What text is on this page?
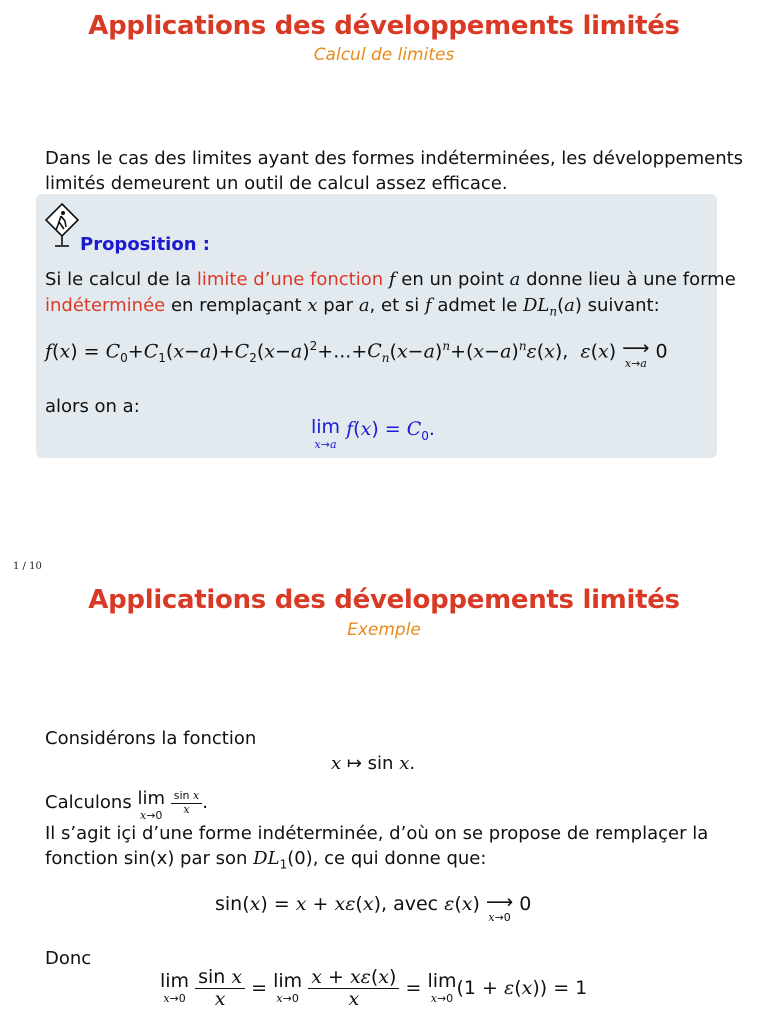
Applications des développements limités
Calcul de limites
Dans le cas des limites ayant des formes indéterminées, les développements
limités demeurent un outil de calcul assez efficace.
Proposition :
Si le calcul de la limite d’une fonction f en un point a donne lieu à une forme
indéterminée en remplaçant x par a, et si f admet le $DL_n(a)$ suivant:
$f(x) = C_0+C_1(x-a)+C_2(x-a)^2+...+C_n(x-a)^n+(x-a)^n\varepsilon(x)$,  ε(x) ⟶
x→a
0
alors on a:
lim
x→a
$f(x) = C_0$.
1 / 10
Applications des développements limités
Exemple
Considérons la fonction
x ↦ sin x.
Calculons lim
x→0
$\frac{\text{sin x}}{x}$ .
Il s’agit içi d’une forme indéterminée, d’où on se propose de remplaçer la
fonction sin(x) par son $DL_1(0)$, ce qui donne que:
sin(x) = x + xε(x), avec ε(x) ⟶
x→0
0
Donc
lim
x→0
$\frac{\text{sin x}}{x} = \lim$
x→0
$\frac{x + x\varepsilon(x)}{x} = \lim$
x→0 (1 + ε(x)) = 1
